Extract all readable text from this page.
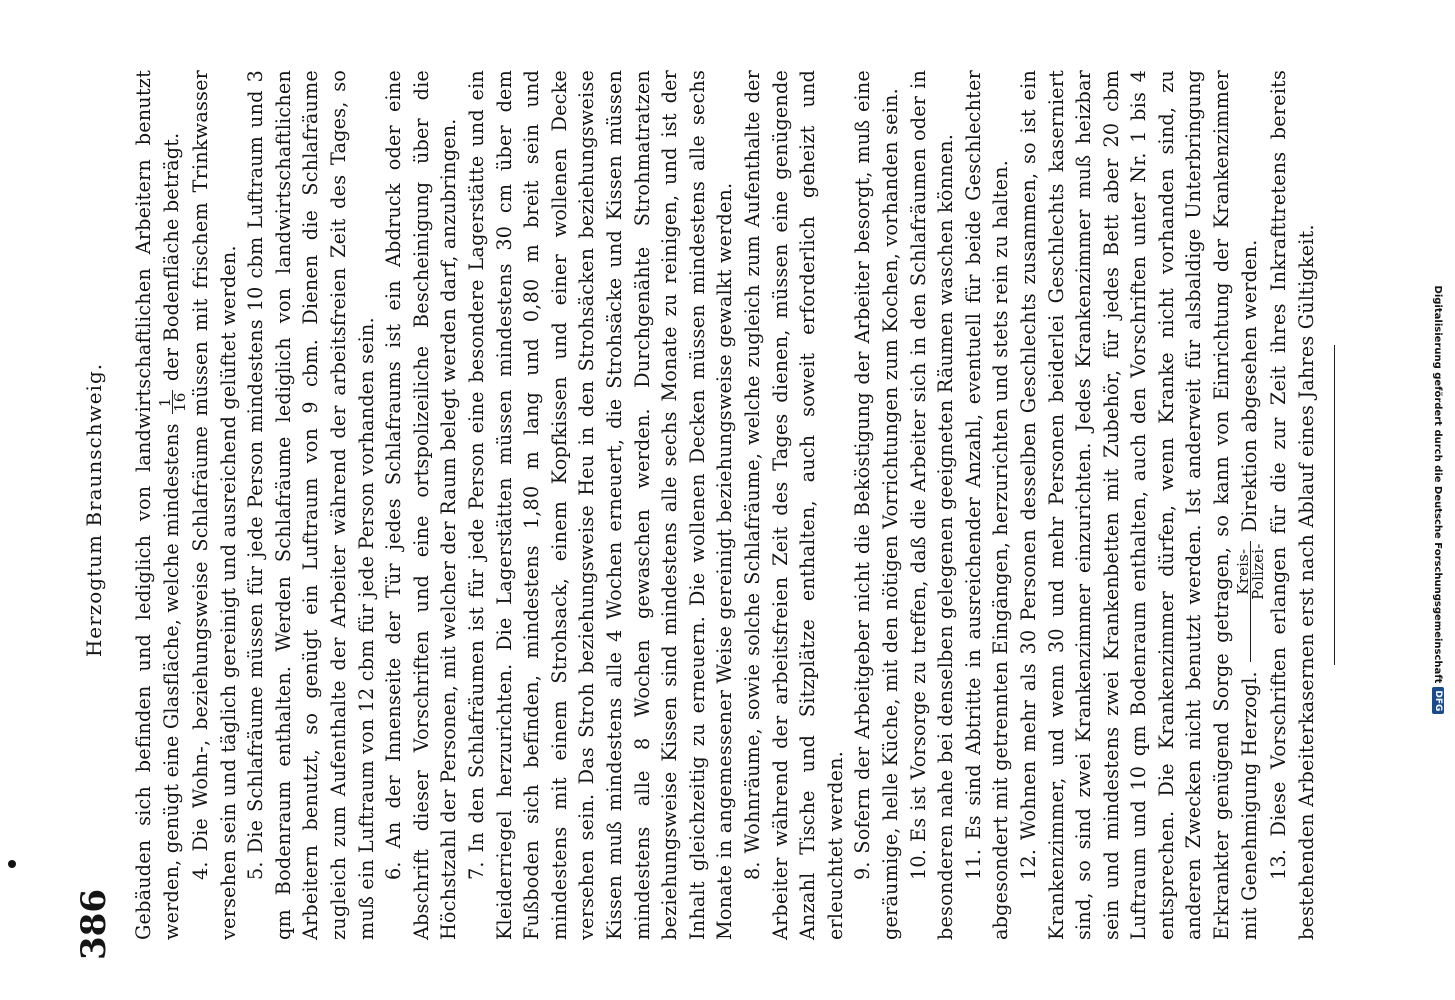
386
Herzogtum Braunschweig. Gebäuden sich befinden und lediglich von landwirtschaftlichen Arbeitern benutzt werden, genügt eine Glasfläche, welche mindestens
1
16
der Bodenfläche beträgt. 4. Die Wohn-, beziehungsweise Schlafräume müssen mit frischem Trinkwasser versehen sein und täglich gereinigt und ausreichend gelüftet werden. 5. Die Schlafräume müssen für jede Person mindestens 10 cbm Luftraum und 3 qm Bodenraum enthalten. Werden Schlafräume lediglich von landwirtschaftlichen Arbeitern benutzt, so genügt ein Luftraum von 9 cbm. Dienen die Schlafräume zugleich zum Aufenthalte der Arbeiter während der arbeitsfreien Zeit des Tages, so muß ein Luftraum von 12 cbm für jede Person vorhanden sein. 6. An der Innenseite der Tür jedes Schlafraums ist ein Abdruck oder eine Abschrift dieser Vorschriften und eine ortspolizeiliche Bescheinigung über die Höchstzahl der Personen, mit welcher der Raum belegt werden darf, anzubringen. 7. In den Schlafräumen ist für jede Person eine besondere Lagerstätte und ein Kleiderriegel herzurichten. Die Lagerstätten müssen mindestens 30 cm über dem Fußboden sich befinden, mindestens 1,80 m lang und 0,80 m breit sein und mindestens mit einem Strohsack, einem Kopfkissen und einer wollenen Decke versehen sein. Das Stroh beziehungsweise Heu in den Strohsäcken beziehungsweise Kissen muß mindestens alle 4 Wochen erneuert, die Strohsäcke und Kissen müssen mindestens alle 8 Wochen gewaschen werden. Durchgenähte Strohmatratzen beziehungsweise Kissen sind mindestens alle sechs Monate zu reinigen, und ist der Inhalt gleichzeitig zu erneuern. Die wollenen Decken müssen mindestens alle sechs Monate in angemessener Weise gereinigt beziehungsweise gewalkt werden. 8. Wohnräume, sowie solche Schlafräume, welche zugleich zum Aufenthalte der Arbeiter während der arbeitsfreien Zeit des Tages dienen, müssen eine genügende Anzahl Tische und Sitzplätze enthalten, auch soweit erforderlich geheizt und erleuchtet werden. 9. Sofern der Arbeitgeber nicht die Beköstigung der Arbeiter besorgt, muß eine geräumige, helle Küche, mit den nötigen Vorrichtungen zum Kochen, vorhanden sein. 10. Es ist Vorsorge zu treffen, daß die Arbeiter sich in den Schlafräumen oder in besonderen nahe bei denselben gelegenen geeigneten Räumen waschen können. 11. Es sind Abtritte in ausreichender Anzahl, eventuell für beide Geschlechter abgesondert mit getrennten Eingängen, herzurichten und stets rein zu halten. 12. Wohnen mehr als 30 Personen desselben Geschlechts zusammen, so ist ein Krankenzimmer, und wenn 30 und mehr Personen beiderlei Geschlechts kaserniert sind, so sind zwei Krankenzimmer einzurichten. Jedes Krankenzimmer muß heizbar sein und mindestens zwei Krankenbetten mit Zubehör, für jedes Bett aber 20 cbm Luftraum und 10 qm Bodenraum enthalten, auch den Vorschriften unter Nr. 1 bis 4 entsprechen. Die Krankenzimmer dürfen, wenn Kranke nicht vorhanden sind, zu anderen Zwecken nicht benutzt werden. Ist anderweit für alsbaldige Unterbringung Erkrankter genügend Sorge getragen, so kann von Einrichtung der Krankenzimmer mit Genehmigung Herzogl.
Kreis-
Polizei-
Direktion abgesehen werden. 13. Diese Vorschriften erlangen für die zur Zeit ihres Inkrafttretens bereits bestehenden Arbeiterkasernen erst nach Ablauf eines Jahres Gültigkeit.	Digitalisierung gefördert durch die Deutsche Forschungsgemeinschaft
DFG
